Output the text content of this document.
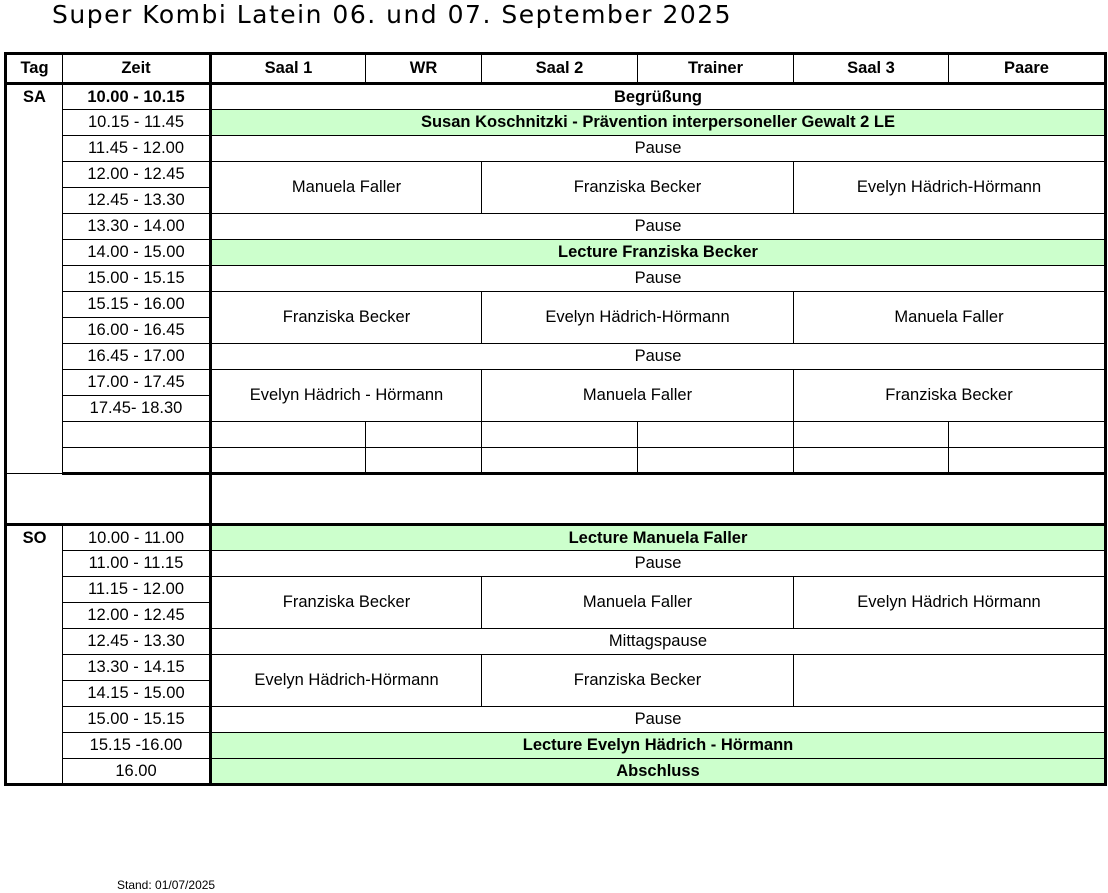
Super Kombi Latein 06. und 07. September 2025
Tag	Zeit	Saal 1	WR	Saal 2	Trainer	Saal 3	Paare
SA	10.00 - 10.15	Begrüßung					
	10.15 - 11.45	Susan Koschnitzki - Prävention interpersoneller Gewalt 2 LE					
	11.45 - 12.00	Pause					
	12.00 - 12.45	Manuela Faller		Franziska Becker		Evelyn Hädrich-Hörmann	
	12.45 - 13.30						
	13.30 - 14.00	Pause					
	14.00 - 15.00	Lecture Franziska Becker					
	15.00 - 15.15	Pause					
	15.15 - 16.00	Franziska Becker		Evelyn Hädrich-Hörmann		Manuela Faller	
	16.00 - 16.45						
	16.45 - 17.00	Pause					
	17.00 - 17.45	Evelyn Hädrich - Hörmann		Manuela Faller		Franziska Becker	
	17.45- 18.30						

SO	10.00 - 11.00	Lecture Manuela Faller					
	11.00 - 11.15	Pause					
	11.15 - 12.00	Franziska Becker		Manuela Faller		Evelyn Hädrich Hörmann	
	12.00 - 12.45						
	12.45 - 13.30	Mittagspause					
	13.30 - 14.15	Evelyn Hädrich-Hörmann		Franziska Becker			
	14.15 - 15.00						
	15.00 - 15.15	Pause					
	15.15 -16.00	Lecture Evelyn Hädrich - Hörmann					
	16.00	Abschluss					
Stand: 01/07/2025
